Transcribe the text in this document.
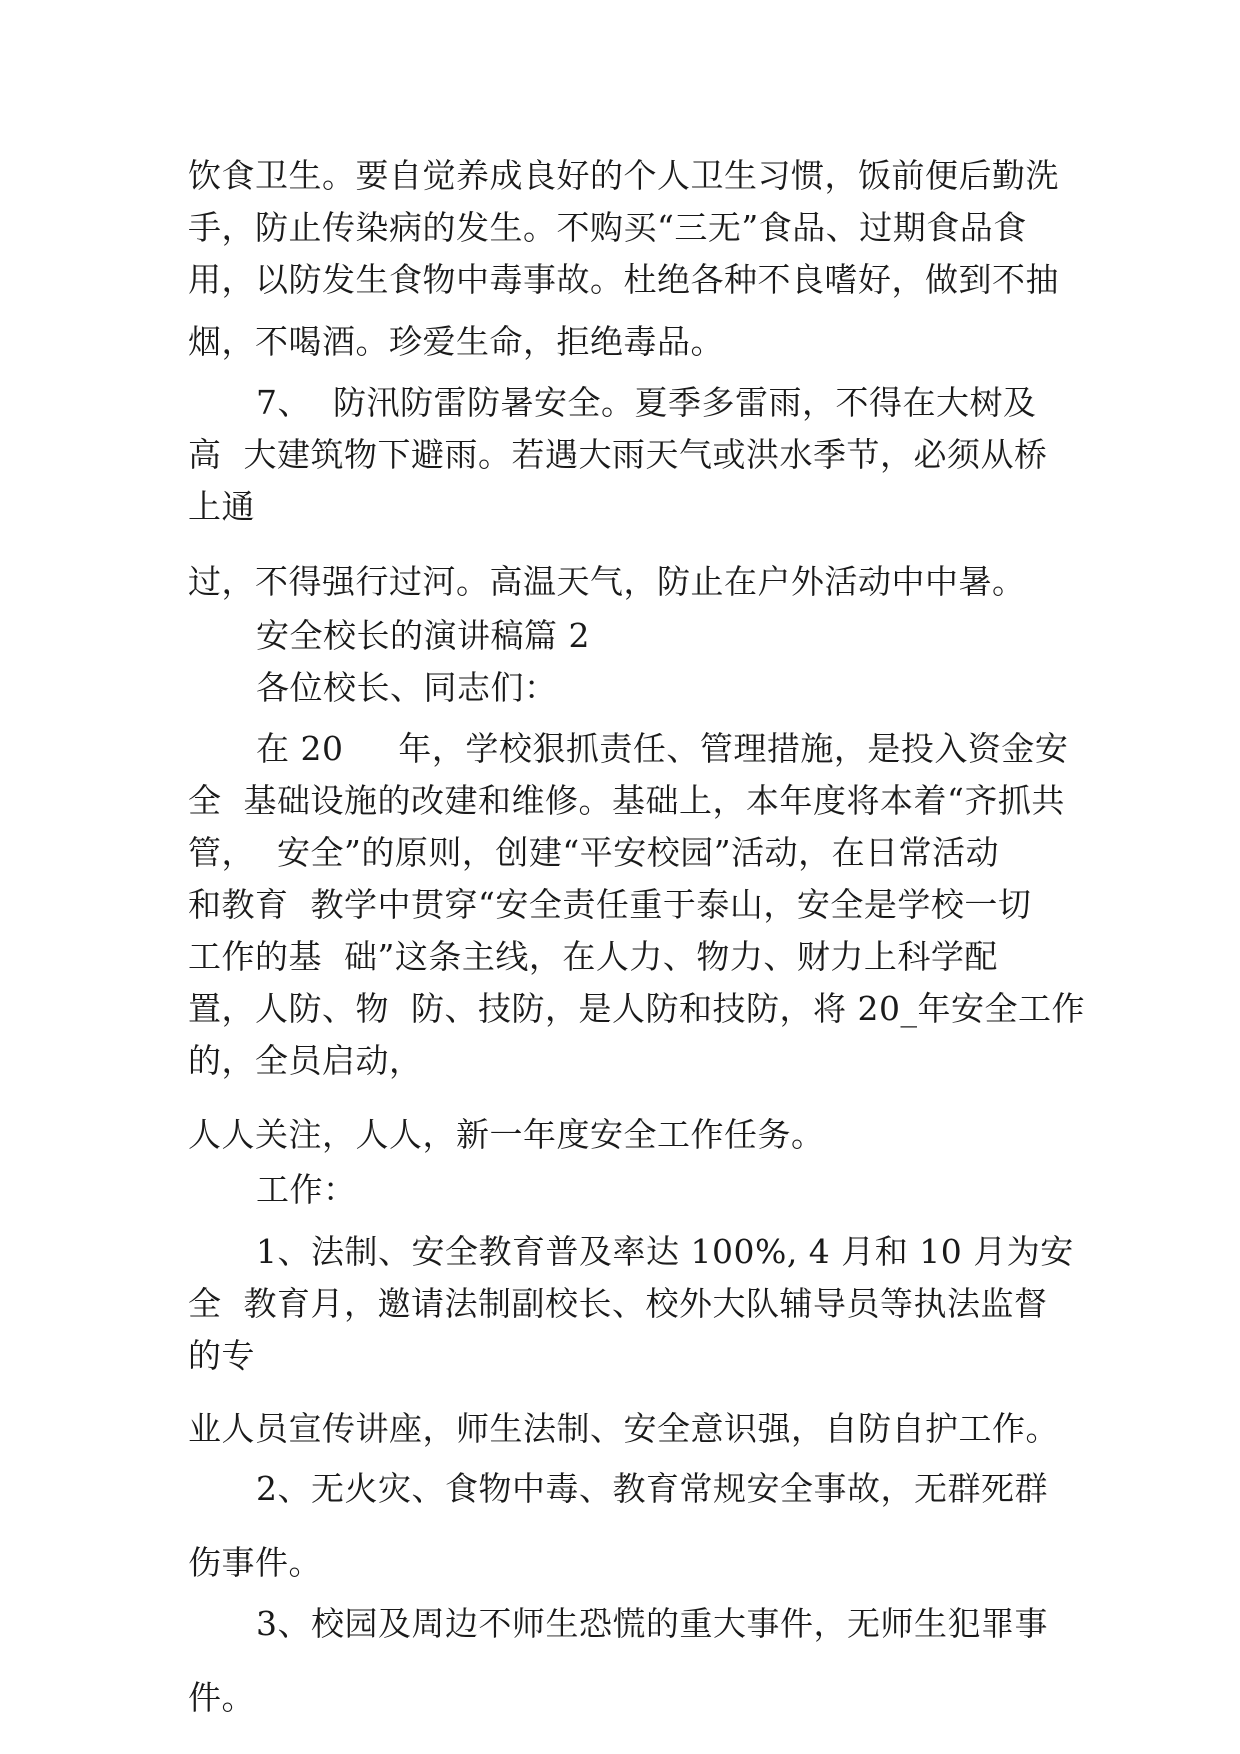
饮食卫生。要自觉养成良好的个人卫生习惯，饭前便后勤洗

手，防止传染病的发生。不购买“三无”食品、过期食品食

用，以防发生食物中毒事故。杜绝各种不良嗜好，做到不抽

烟，不喝酒。珍爱生命，拒绝毒品。

7、  防汛防雷防暑安全。夏季多雷雨，不得在大树及

高  大建筑物下避雨。若遇大雨天气或洪水季节，必须从桥

上通

过，不得强行过河。高温天气，防止在户外活动中中暑。

安全校长的演讲稿篇 2

各位校长、同志们：

在 20     年，学校狠抓责任、管理措施，是投入资金安

全  基础设施的改建和维修。基础上，本年度将本着“齐抓共

管，  安全”的原则，创建“平安校园”活动，在日常活动

和教育  教学中贯穿“安全责任重于泰山，安全是学校一切

工作的基  础”这条主线，在人力、物力、财力上科学配

置，人防、物  防、技防，是人防和技防，将 20_年安全工作

的，全员启动，

人人关注，人人，新一年度安全工作任务。

工作：

1、法制、安全教育普及率达 100%, 4 月和 10 月为安

全  教育月，邀请法制副校长、校外大队辅导员等执法监督

的专

业人员宣传讲座，师生法制、安全意识强，自防自护工作。

2、无火灾、食物中毒、教育常规安全事故，无群死群

伤事件。

3、校园及周边不师生恐慌的重大事件，无师生犯罪事

件。
